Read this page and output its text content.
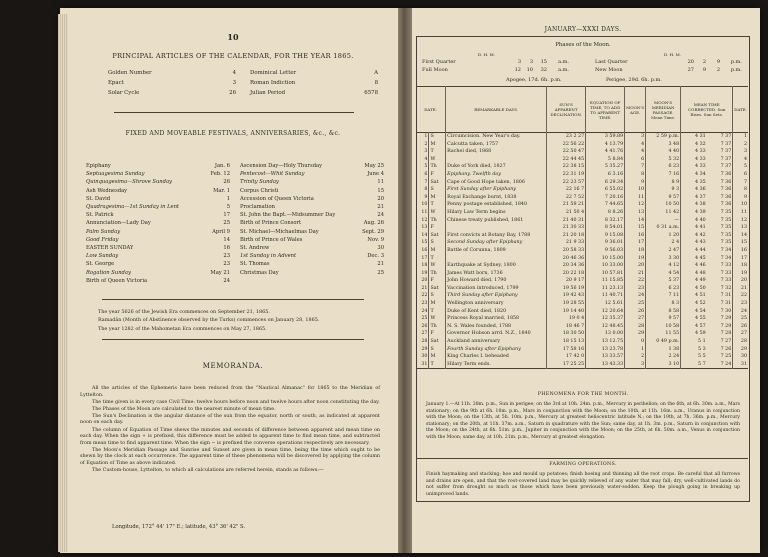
10
PRINCIPAL ARTICLES OF THE CALENDAR, FOR THE YEAR 1865.
Golden Number	4	Dominical Letter	A
Epact	3	Roman Indiction	8
Solar Cycle	26	Julian Period	6578
FIXED AND MOVEABLE FESTIVALS, ANNIVERSARIES, &c., &c.
Epiphany	Jan. 6 Ascension Day—Holy Thursday	May 25
Septuagesima Sunday	Feb. 12 Pentecost—Whit Sunday	June 4
Quinquagesima—Shrove Sunday	26 Trinity Sunday	11
Ash Wednesday	Mar. 1 Corpus Christi	15
St. David	1 Accession of Queen Victoria	20
Quadragesima—1st Sunday in Lent	5 Proclamation	21
St. Patrick	17 St. John the Bapt.—Midsummer Day	24
Annunciation—Lady Day	25 Birth of Prince Consort	Aug. 26
Palm Sunday	April 9 St. Michael—Michaelmas Day	Sept. 29
Good Friday	14 Birth of Prince of Wales	Nov. 9
EASTER SUNDAY	16 St. Andrew	30
Low Sunday	23 1st Sunday in Advent	Dec. 3
St. George	23 St. Thomas	21
Rogation Sunday	May 21 Christmas Day	25
Birth of Queen Victoria	24
The year 5626 of the Jewish Era commences on September 21, 1865.
Ramadân (Month of Abstinence observed by the Turks) commences on January 28, 1865.
The year 1282 of the Mahometan Era commences on May 27, 1865.
MEMORANDA.
All the articles of the Ephemeris have been reduced from the "Nautical Almanac" for 1865 to the Meridian of Lyttelton.
The time given is in every case Civil Time: twelve hours before noon and twelve hours after noon constituting the day.
The Phases of the Moon are calculated to the nearest minute of mean time.
The Sun's Declination is the angular distance of the sun from the equator, north or south, as indicated at apparent noon on each day.
The column of Equation of Time shews the minutes and seconds of difference between apparent and mean time on each day. When the sign + is prefixed, this difference must be added to apparent time to find mean time, and subtracted from mean time to find apparent time. When the sign − is prefixed the converse operations respectively are necessary.
The Moon's Meridian Passage and Sunrise and Sunset are given in mean time, being the time which ought to be shewn by the clock at each occurrence. The apparent time of these phenomena will be discovered by applying the column of Equation of Time as above indicated.
The Custom-house, Lyttelton, to which all calculations are referred herein, stands as follows:—
Longitude, 172° 44' 17" E.; latitude, 43° 36' 42" S.
JANUARY—XXXI DAYS.
Phases of the Moon.
D. H. M.	D. H. M.
First Quarter	3	3	15	a.m.	Last Quarter	20	2	9	p.m.
Full Moon	12	10	32	a.m.	New Moon	27	9	2	p.m.
Apogee, 17d. 6h. p.m.	Perigee, 29d. 6h. p.m.
DATE.		REMARKABLE DAYS.	SUN'S APPARENT DECLINATION.	EQUATION OF TIME, TO ADD TO APPARENT TIME.	MOON'S AGE.	MOON'S MERIDIAN PASSAGE. Mean Time.	MEAN TIME CORRECTED. Sun Rises. Sun Sets.		DATE.
1	S	Circumcision. New Year's day.	23 2 27	3 59.89	3	2 59 p.m.	4 31	7 37	1
2	M	Calcutta taken, 1757	22 56 22	4 13.79	4	3 48	4 32	7 37	2
3	T	Rachel died, 1868	22 50 47	4 41.76	4	4 40	4 33	7 37	3
4	W		22 44 45	5 8.84	6	5 32	4 33	7 37	4
5	Th	Duke of York died, 1827	22 38 15	5 35.27	7	6 23	4 33	7 37	5
6	F	Epiphany. Twelfth day	22 31 19	6 3.16	8	7 16	4 34	7 36	6
7	Sat	Cape of Good Hope taken, 1806	22 23 57	6 29.34	9	8 9	4 35	7 36	7
8	S	First Sunday after Epiphany	22 16 7	6 55.02	10	9 3	4 36	7 36	8
9	M	Royal Exchange burnt, 1838	22 7 52	7 20.16	11	9 57	4 37	7 36	9
10	T	Penny postage established, 1840	21 59 21	7 44.65	12	10 50	4 38	7 36	10
11	W	Hilary Law Term begins	21 50 4	8 8.26	13	11 42	4 39	7 35	11
12	Th	Chinese treaty published, 1861	21 40 31	8 32.17	14	—	4 40	7 35	12
13	F		21 30 33	8 54.01	15	0 31 a.m.	4 41	7 35	13
14	Sat	First convicts at Botany Bay, 1788	21 20 18	9 15.08	16	1 20	4 42	7 35	14
15	S	Second Sunday after Epiphany	21 9 33	9 36.01	17	2 4	4 43	7 35	15
16	M	Battle of Corunna, 1809	20 58 33	9 56.03	18	2 47	4 44	7 34	16
17	T		20 46 36	10 15.00	19	3 30	4 45	7 34	17
18	W	Earthquake at Sydney, 1800	20 34 36	10 33.00	20	4 12	4 46	7 33	18
19	Th	James Watt born, 1736	20 22 18	10 57.81	21	4 54	4 48	7 33	19
20	F	John Howard died, 1790	20 9 17	11 15.85	22	5 37	4 49	7 33	20
21	Sat	Vaccination introduced, 1799	19 56 19	11 23.13	23	6 23	4 50	7 32	21
22	S	Third Sunday after Epiphany	19 42 43	11 40.71	24	7 11	4 51	7 31	22
23	M	Wellington anniversary	19 28 55	12 5.61	25	8 3	4 52	7 31	23
24	T	Duke of Kent died, 1820	19 14 40	12 20.64	26	8 58	4 54	7 30	24
25	W	Princess Royal married, 1858	19 0 4	12 35.37	27	9 57	4 55	7 29	25
26	Th	N. S. Wales founded, 1788	18 46 7	12 48.45	28	10 58	4 57	7 29	26
27	F	Governor Hobson arrd. N.Z., 1840	18 30 50	13 0.00	29	11 55	4 59	7 28	27
28	Sat	Auckland anniversary	18 15 13	13 12.75	0	0 49 p.m.	5 1	7 27	28
29	S	Fourth Sunday after Epiphany	17 58 16	13 23.78	1	1 38	5 3	7 26	29
30	M	King Charles I. beheaded	17 42 0	13 33.57	2	2 24	5 5	7 25	30
31	T	Hilary Term ends.	17 25 25	13 43.33	3	3 10	5 7	7 24	31
PHENOMENA FOR THE MONTH.
January 1.—At 11h. 38m. p.m., Sun in perigee; on the 3rd at 10h. 24m. p.m., Mercury in perihelion; on the 6th, at 6h. 30m. a.m., Mars stationary; on the 9th at 6h. 10m. p.m., Mars in conjunction with the Moon; on the 10th, at 11h. 16m. a.m., Uranus in conjunction with the Moon; on the 13th, at 5h. 10m. p.m., Mercury at greatest heliocentric latitude N.; on the 19th, at 7h. 36m. p.m., Mercury stationary; on the 20th, at 11h. 37m. a.m., Saturn in quadrature with the Sun; same day, at 1h. 3m. p.m., Saturn in conjunction with the Moon; on the 24th, at 6h. 51m. p.m., Jupiter in conjunction with the Moon; on the 25th, at 6h. 50m. a.m., Venus in conjunction with the Moon; same day, at 10h. 21m. p.m., Mercury at greatest elongation.
FARMING OPERATIONS.
Finish haymaking and stacking; hoe and mould up potatoes; finish hoeing and thinning all the root crops. Be careful that all furrows and drains are open, and that the root-covered land may be quickly relieved of any water that may fall; dry, well-cultivated lands do not suffer from drought so much as those which have been previously water-sodden. Keep the plough going in breaking up unimproved lands.
